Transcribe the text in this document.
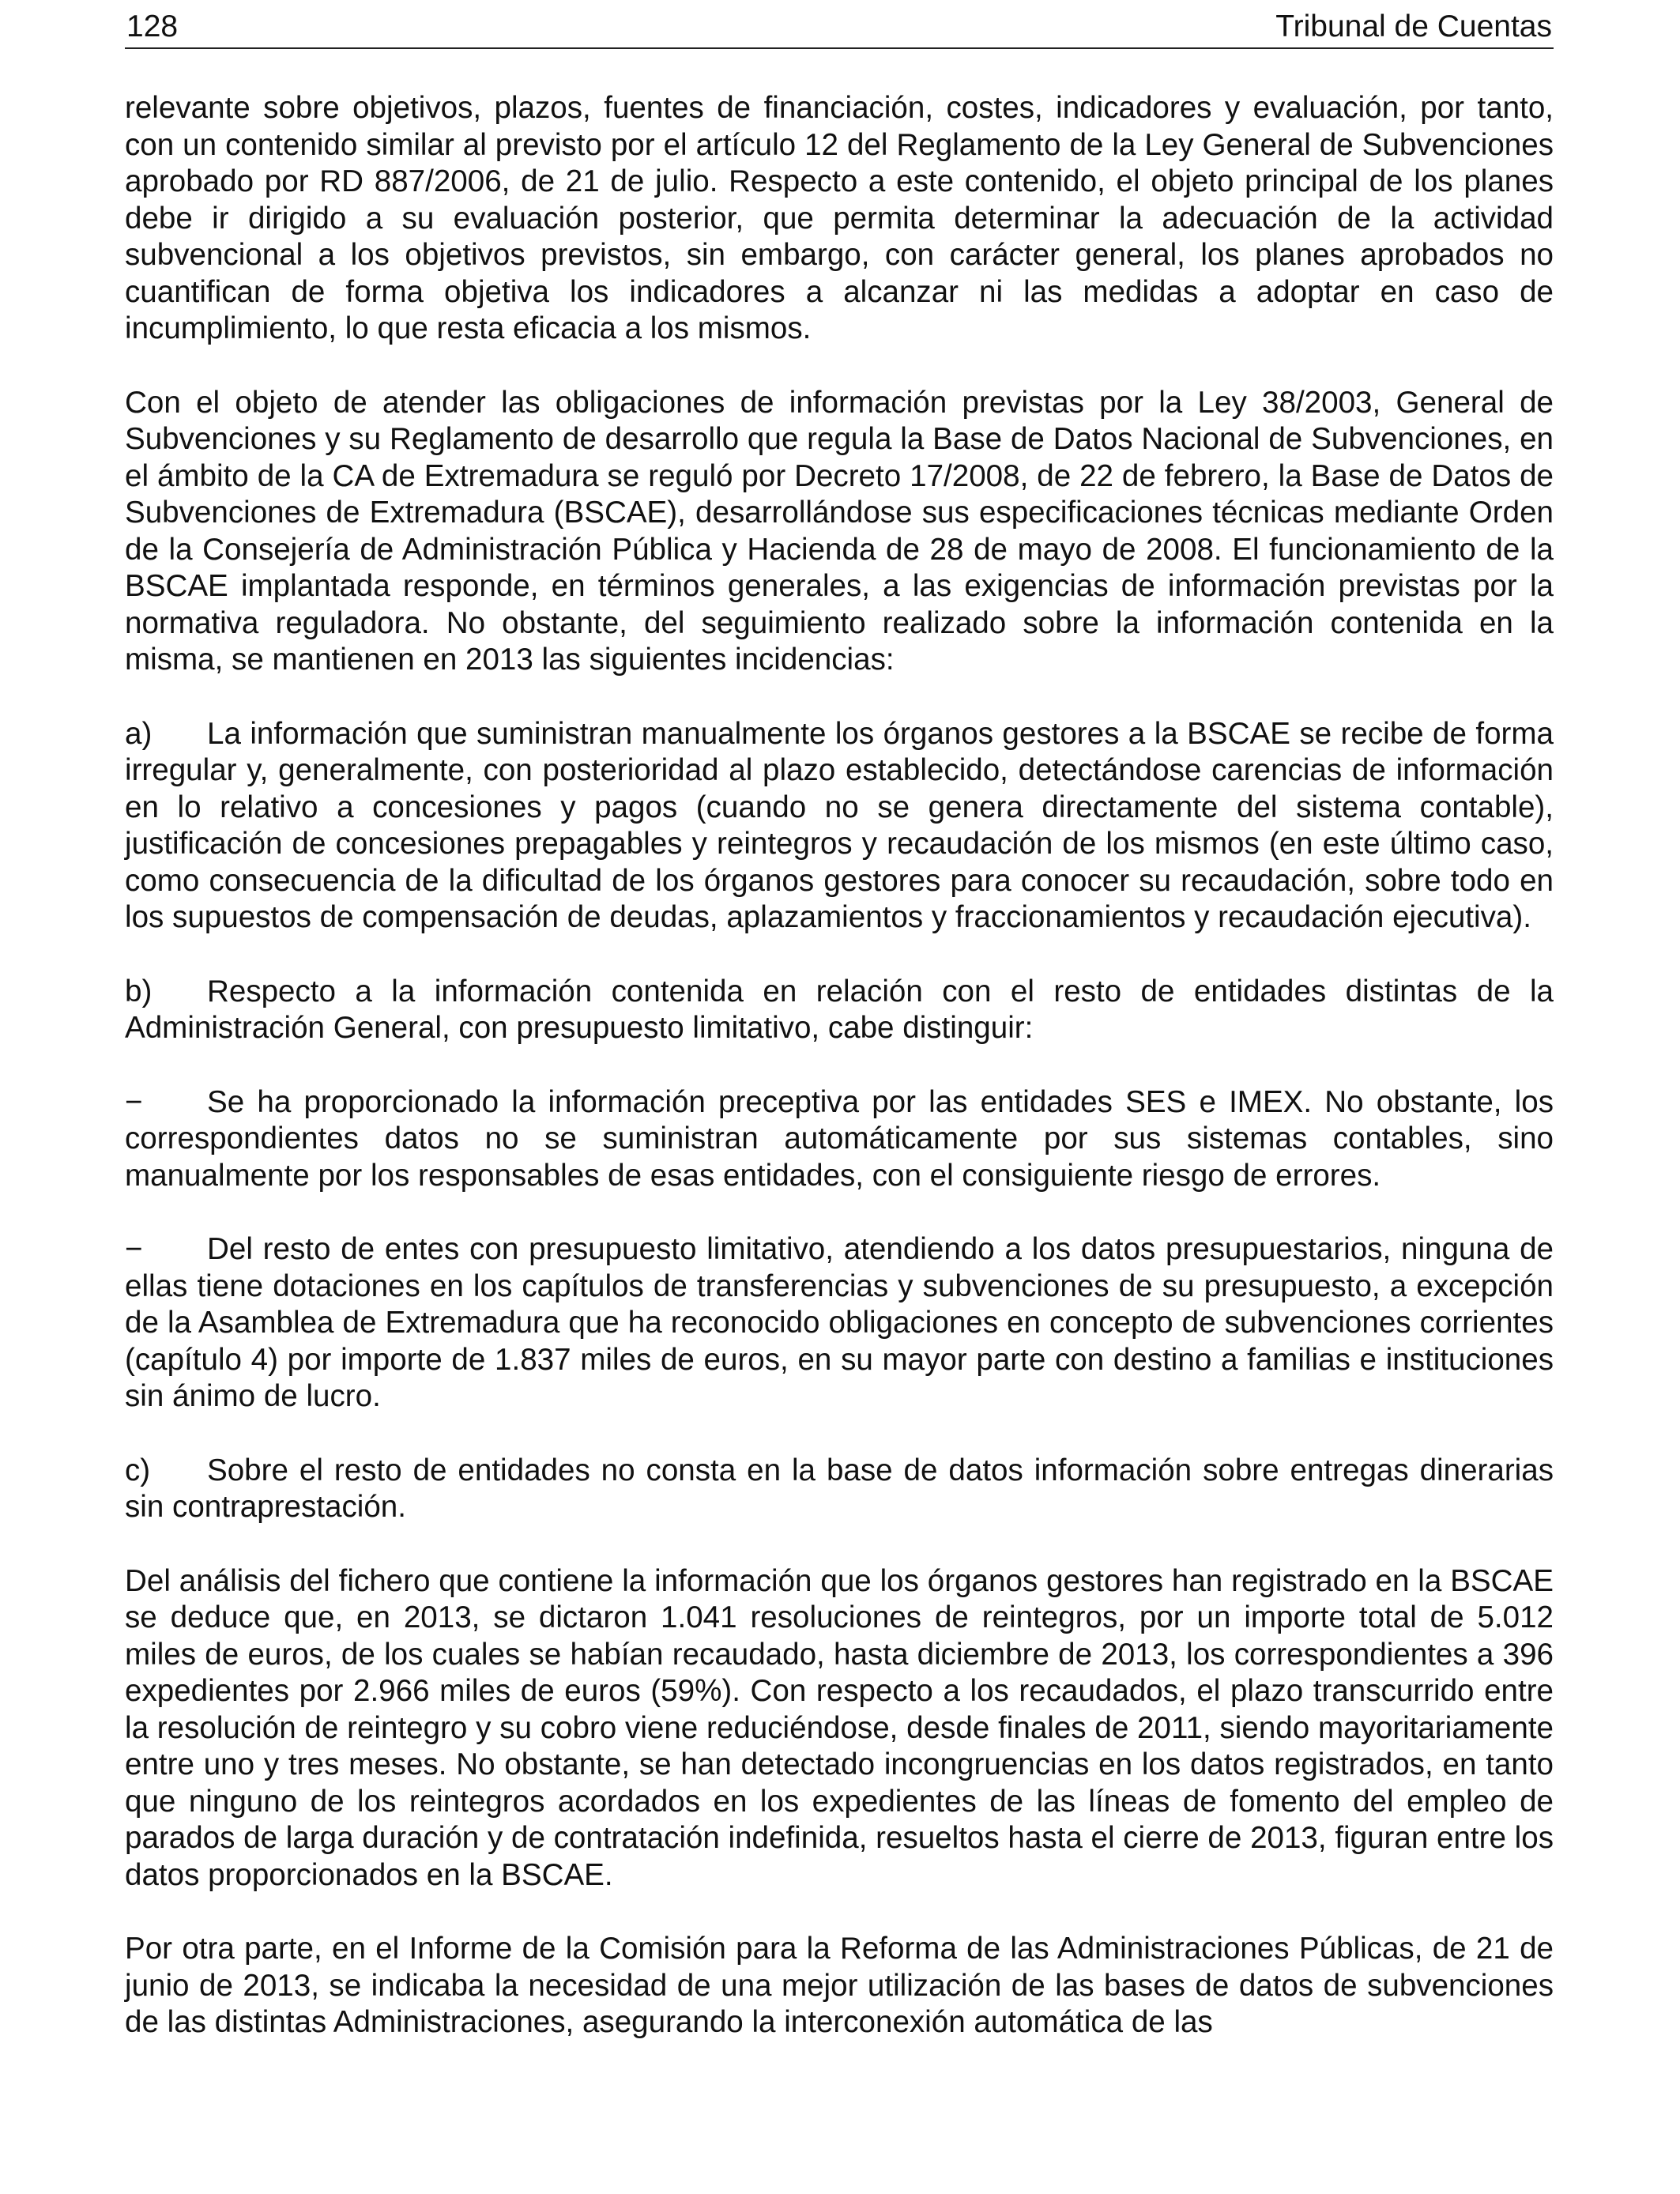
128	Tribunal de Cuentas

relevante sobre objetivos, plazos, fuentes de financiación, costes, indicadores y evaluación, por tanto, con un contenido similar al previsto por el artículo 12 del Reglamento de la Ley General de Subvenciones aprobado por RD 887/2006, de 21 de julio. Respecto a este contenido, el objeto principal de los planes debe ir dirigido a su evaluación posterior, que permita determinar la adecuación de la actividad subvencional a los objetivos previstos, sin embargo, con carácter general, los planes aprobados no cuantifican de forma objetiva los indicadores a alcanzar ni las medidas a adoptar en caso de incumplimiento, lo que resta eficacia a los mismos.

Con el objeto de atender las obligaciones de información previstas por la Ley 38/2003, General de Subvenciones y su Reglamento de desarrollo que regula la Base de Datos Nacional de Subvenciones, en el ámbito de la CA de Extremadura se reguló por Decreto 17/2008, de 22 de febrero, la Base de Datos de Subvenciones de Extremadura (BSCAE), desarrollándose sus especificaciones técnicas mediante Orden de la Consejería de Administración Pública y Hacienda de 28 de mayo de 2008. El funcionamiento de la BSCAE implantada responde, en términos generales, a las exigencias de información previstas por la normativa reguladora. No obstante, del seguimiento realizado sobre la información contenida en la misma, se mantienen en 2013 las siguientes incidencias:

a) La información que suministran manualmente los órganos gestores a la BSCAE se recibe de forma irregular y, generalmente, con posterioridad al plazo establecido, detectándose carencias de información en lo relativo a concesiones y pagos (cuando no se genera directamente del sistema contable), justificación de concesiones prepagables y reintegros y recaudación de los mismos (en este último caso, como consecuencia de la dificultad de los órganos gestores para conocer su recaudación, sobre todo en los supuestos de compensación de deudas, aplazamientos y fraccionamientos y recaudación ejecutiva).

b) Respecto a la información contenida en relación con el resto de entidades distintas de la Administración General, con presupuesto limitativo, cabe distinguir:

− Se ha proporcionado la información preceptiva por las entidades SES e IMEX. No obstante, los correspondientes datos no se suministran automáticamente por sus sistemas contables, sino manualmente por los responsables de esas entidades, con el consiguiente riesgo de errores.

− Del resto de entes con presupuesto limitativo, atendiendo a los datos presupuestarios, ninguna de ellas tiene dotaciones en los capítulos de transferencias y subvenciones de su presupuesto, a excepción de la Asamblea de Extremadura que ha reconocido obligaciones en concepto de subvenciones corrientes (capítulo 4) por importe de 1.837 miles de euros, en su mayor parte con destino a familias e instituciones sin ánimo de lucro.

c) Sobre el resto de entidades no consta en la base de datos información sobre entregas dinerarias sin contraprestación.

Del análisis del fichero que contiene la información que los órganos gestores han registrado en la BSCAE se deduce que, en 2013, se dictaron 1.041 resoluciones de reintegros, por un importe total de 5.012 miles de euros, de los cuales se habían recaudado, hasta diciembre de 2013, los correspondientes a 396 expedientes por 2.966 miles de euros (59%). Con respecto a los recaudados, el plazo transcurrido entre la resolución de reintegro y su cobro viene reduciéndose, desde finales de 2011, siendo mayoritariamente entre uno y tres meses. No obstante, se han detectado incongruencias en los datos registrados, en tanto que ninguno de los reintegros acordados en los expedientes de las líneas de fomento del empleo de parados de larga duración y de contratación indefinida, resueltos hasta el cierre de 2013, figuran entre los datos proporcionados en la BSCAE.

Por otra parte, en el Informe de la Comisión para la Reforma de las Administraciones Públicas, de 21 de junio de 2013, se indicaba la necesidad de una mejor utilización de las bases de datos de subvenciones de las distintas Administraciones, asegurando la interconexión automática de las
